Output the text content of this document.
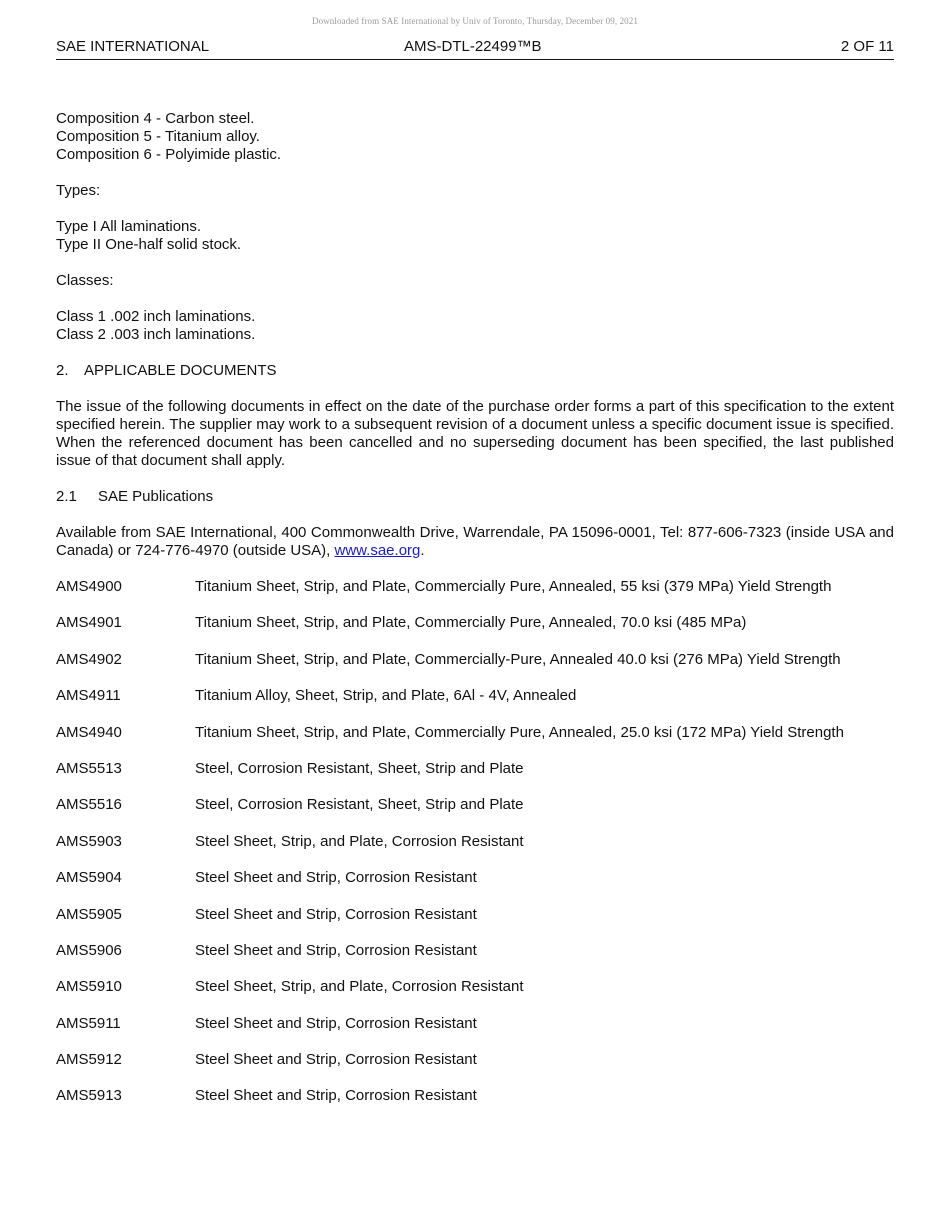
Downloaded from SAE International by Univ of Toronto, Thursday, December 09, 2021
SAE INTERNATIONAL	AMS-DTL-22499™B	2 OF 11
Composition 4 - Carbon steel.
Composition 5 - Titanium alloy.
Composition 6 - Polyimide plastic.
Types:
Type I All laminations.
Type II One-half solid stock.
Classes:
Class 1 .002 inch laminations.
Class 2 .003 inch laminations.
2. APPLICABLE DOCUMENTS
The issue of the following documents in effect on the date of the purchase order forms a part of this specification to the extent specified herein. The supplier may work to a subsequent revision of a document unless a specific document issue is specified. When the referenced document has been cancelled and no superseding document has been specified, the last published issue of that document shall apply.
2.1 SAE Publications
Available from SAE International, 400 Commonwealth Drive, Warrendale, PA 15096-0001, Tel: 877-606-7323 (inside USA and Canada) or 724-776-4970 (outside USA), www.sae.org.
AMS4900	Titanium Sheet, Strip, and Plate, Commercially Pure, Annealed, 55 ksi (379 MPa) Yield Strength
AMS4901	Titanium Sheet, Strip, and Plate, Commercially Pure, Annealed, 70.0 ksi (485 MPa)
AMS4902	Titanium Sheet, Strip, and Plate, Commercially-Pure, Annealed 40.0 ksi (276 MPa) Yield Strength
AMS4911	Titanium Alloy, Sheet, Strip, and Plate, 6Al - 4V, Annealed
AMS4940	Titanium Sheet, Strip, and Plate, Commercially Pure, Annealed, 25.0 ksi (172 MPa) Yield Strength
AMS5513	Steel, Corrosion Resistant, Sheet, Strip and Plate
AMS5516	Steel, Corrosion Resistant, Sheet, Strip and Plate
AMS5903	Steel Sheet, Strip, and Plate, Corrosion Resistant
AMS5904	Steel Sheet and Strip, Corrosion Resistant
AMS5905	Steel Sheet and Strip, Corrosion Resistant
AMS5906	Steel Sheet and Strip, Corrosion Resistant
AMS5910	Steel Sheet, Strip, and Plate, Corrosion Resistant
AMS5911	Steel Sheet and Strip, Corrosion Resistant
AMS5912	Steel Sheet and Strip, Corrosion Resistant
AMS5913	Steel Sheet and Strip, Corrosion Resistant
